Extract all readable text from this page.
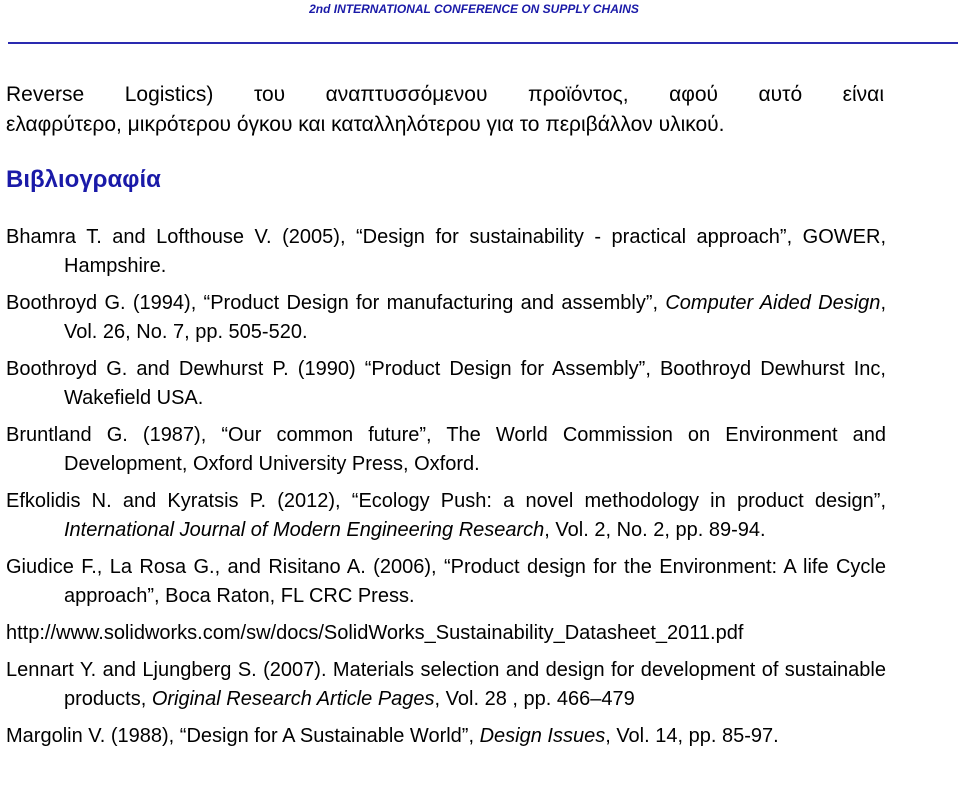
2nd INTERNATIONAL CONFERENCE ON SUPPLY CHAINS
Reverse Logistics) του αναπτυσσόμενου προϊόντος, αφού αυτό είναι
ελαφρύτερο, μικρότερου όγκου και καταλληλότερου για το περιβάλλον υλικού.
Βιβλιογραφία

Bhamra T. and Lofthouse V. (2005), “Design for sustainability - practical approach”, GOWER, Hampshire.

Boothroyd G. (1994), “Product Design for manufacturing and assembly”, Computer Aided Design, Vol. 26, No. 7, pp. 505-520.

Boothroyd G. and Dewhurst P. (1990) “Product Design for Assembly”, Boothroyd Dewhurst Inc, Wakefield USA.

Bruntland G. (1987), “Our common future”, The World Commission on Environment and Development, Oxford University Press, Oxford.

Efkolidis N. and Kyratsis P. (2012), “Ecology Push: a novel methodology in product design”, International Journal of Modern Engineering Research, Vol. 2, No. 2, pp. 89-94.

Giudice F., La Rosa G., and Risitano A. (2006), “Product design for the Environment: A life Cycle approach”, Boca Raton, FL CRC Press.

http://www.solidworks.com/sw/docs/SolidWorks_Sustainability_Datasheet_2011.pdf

Lennart Y. and Ljungberg S. (2007). Materials selection and design for development of sustainable products, Original Research Article Pages, Vol. 28 , pp. 466–479

Margolin V. (1988), “Design for A Sustainable World”, Design Issues, Vol. 14, pp. 85-97.
